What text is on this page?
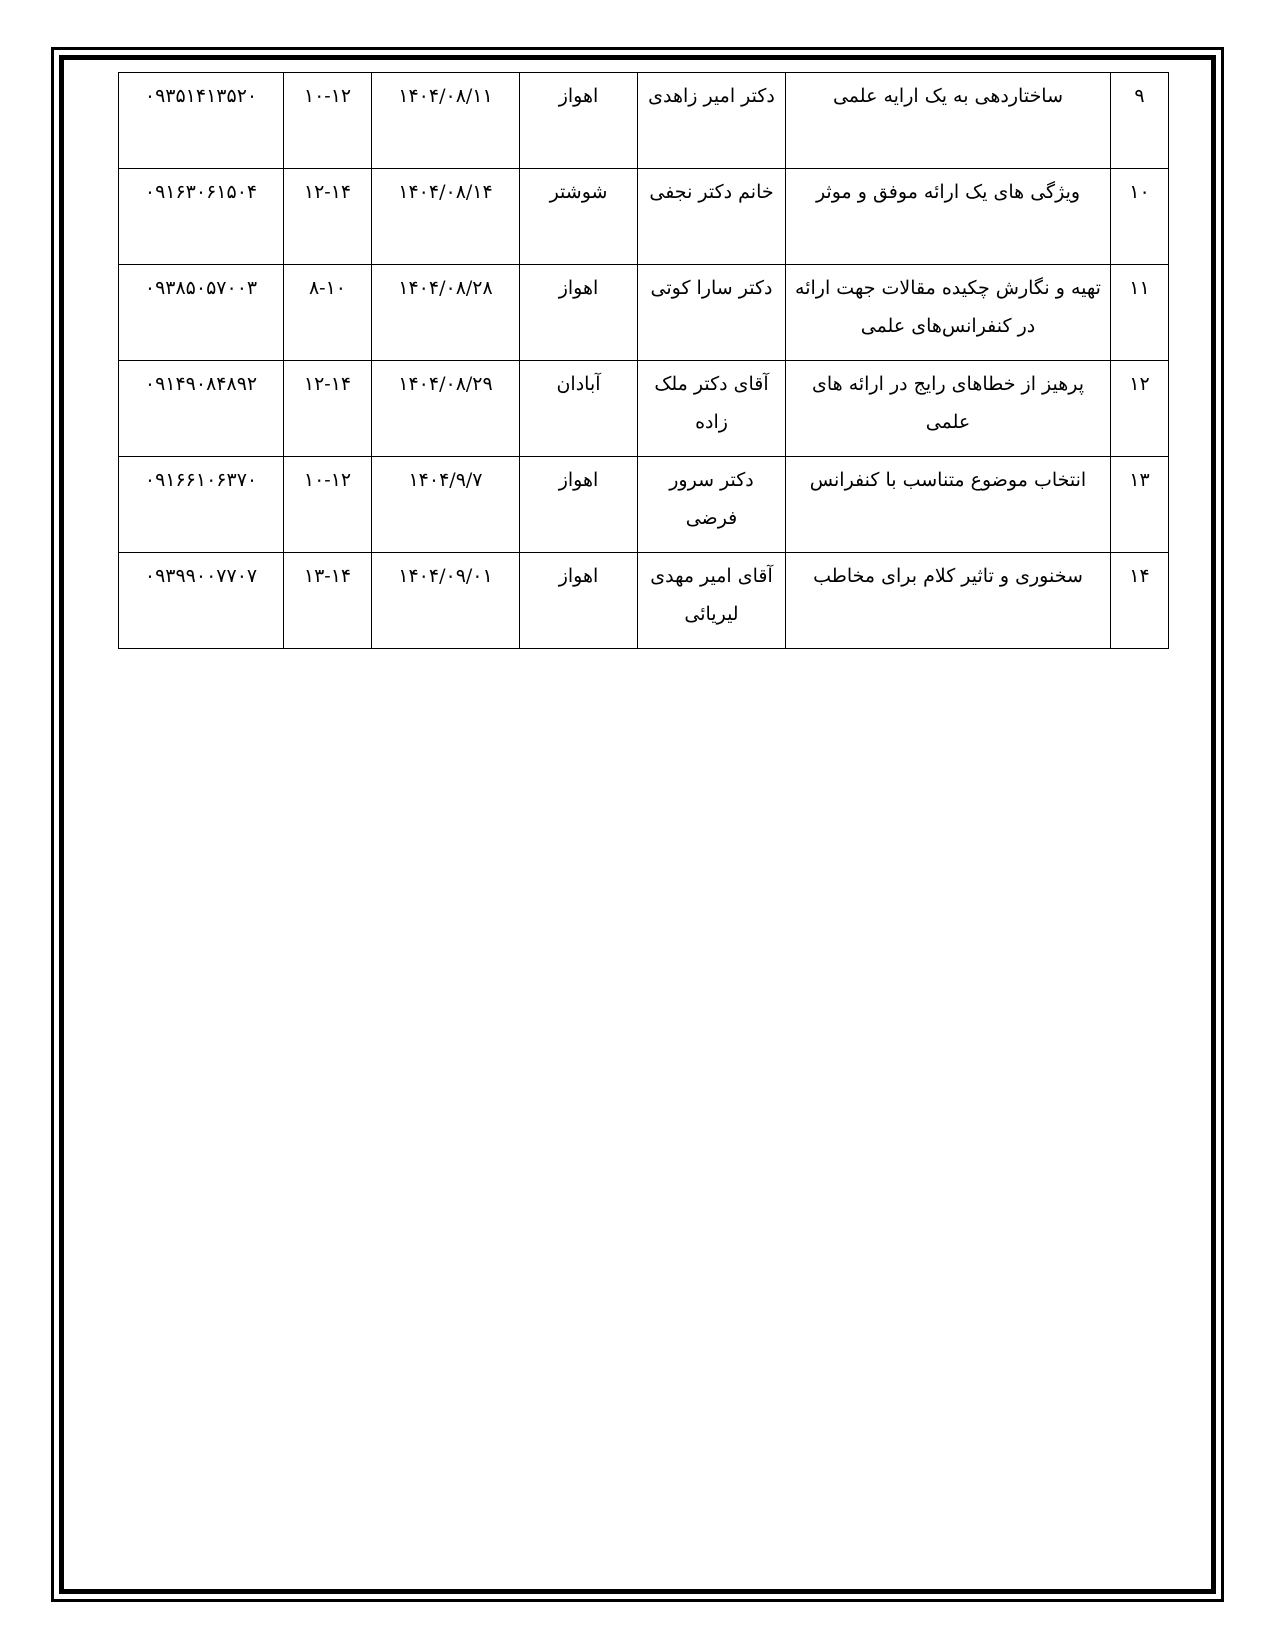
۹	ساختاردهی به یک ارایه علمی	دکتر امیر زاهدی	اهواز	۱۴۰۴/۰۸/۱۱	۱۰-۱۲	۰۹۳۵۱۴۱۳۵۲۰
۱۰	ویژگی های یک ارائه موفق و موثر	خانم دکتر نجفی	شوشتر	۱۴۰۴/۰۸/۱۴	۱۲-۱۴	۰۹۱۶۳۰۶۱۵۰۴
۱۱	تهیه و نگارش چکیده مقالات جهت ارائه در کنفرانس‌های علمی	دکتر سارا کوتی	اهواز	۱۴۰۴/۰۸/۲۸	۸-۱۰	۰۹۳۸۵۰۵۷۰۰۳
۱۲	پرهیز از خطاهای رایج در ارائه های علمی	آقای دکتر ملک زاده	آبادان	۱۴۰۴/۰۸/۲۹	۱۲-۱۴	۰۹۱۴۹۰۸۴۸۹۲
۱۳	انتخاب موضوع متناسب با کنفرانس	دکتر سرور فرضی	اهواز	۱۴۰۴/۹/۷	۱۰-۱۲	۰۹۱۶۶۱۰۶۳۷۰
۱۴	سخنوری و تاثیر کلام برای مخاطب	آقای امیر مهدی لیریائی	اهواز	۱۴۰۴/۰۹/۰۱	۱۳-۱۴	۰۹۳۹۹۰۰۷۷۰۷
